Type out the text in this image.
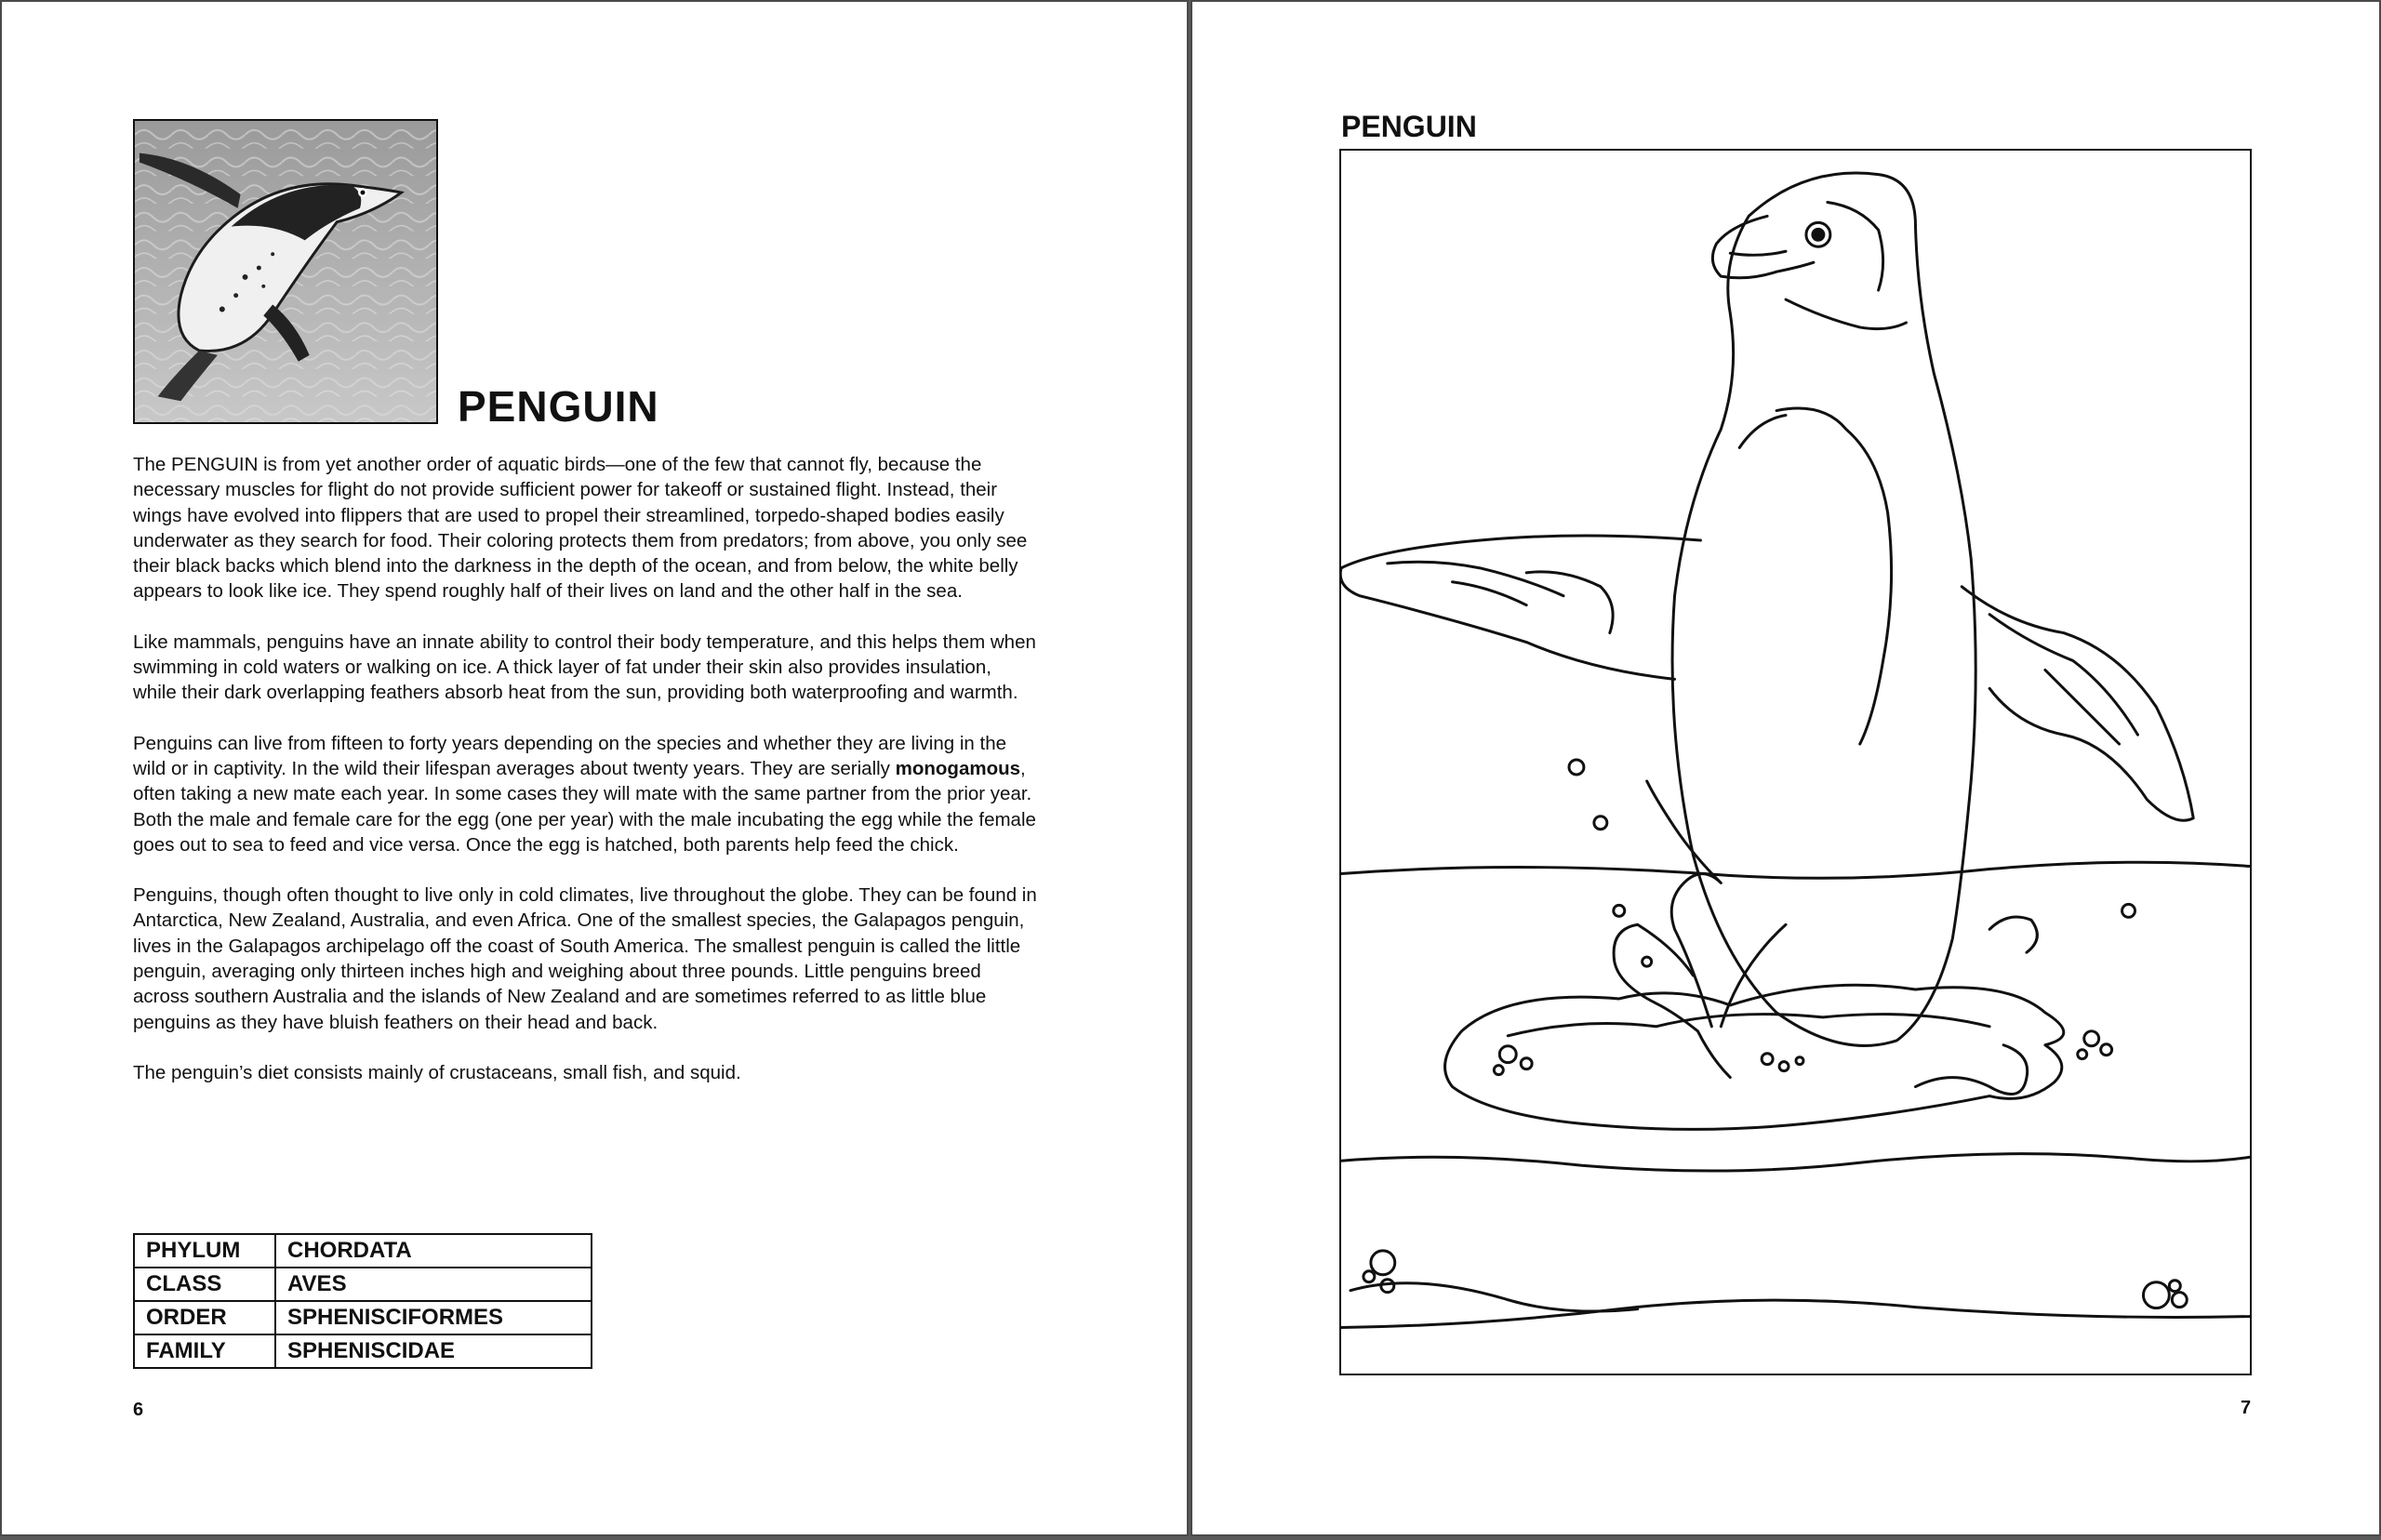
PENGUIN

The PENGUIN is from yet another order of aquatic birds—one of the few that cannot fly, because the necessary muscles for flight do not provide sufficient power for takeoff or sustained flight. Instead, their wings have evolved into flippers that are used to propel their streamlined, torpedo-shaped bodies easily underwater as they search for food. Their coloring protects them from predators; from above, you only see their black backs which blend into the darkness in the depth of the ocean, and from below, the white belly appears to look like ice. They spend roughly half of their lives on land and the other half in the sea.

Like mammals, penguins have an innate ability to control their body temperature, and this helps them when swimming in cold waters or walking on ice. A thick layer of fat under their skin also provides insulation, while their dark overlapping feathers absorb heat from the sun, providing both waterproofing and warmth.

Penguins can live from fifteen to forty years depending on the species and whether they are living in the wild or in captivity. In the wild their lifespan averages about twenty years. They are serially monogamous, often taking a new mate each year. In some cases they will mate with the same partner from the prior year. Both the male and female care for the egg (one per year) with the male incubating the egg while the female goes out to sea to feed and vice versa. Once the egg is hatched, both parents help feed the chick.

Penguins, though often thought to live only in cold climates, live throughout the globe. They can be found in Antarctica, New Zealand, Australia, and even Africa. One of the smallest species, the Galapagos penguin, lives in the Galapagos archipelago off the coast of South America. The smallest penguin is called the little penguin, averaging only thirteen inches high and weighing about three pounds. Little penguins breed across southern Australia and the islands of New Zealand and are sometimes referred to as little blue penguins as they have bluish feathers on their head and back.

The penguin’s diet consists mainly of crustaceans, small fish, and squid.

PHYLUM	CHORDATA
CLASS	AVES
ORDER	SPHENISCIFORMES
FAMILY	SPHENISCIDAE
6
PENGUIN
7
